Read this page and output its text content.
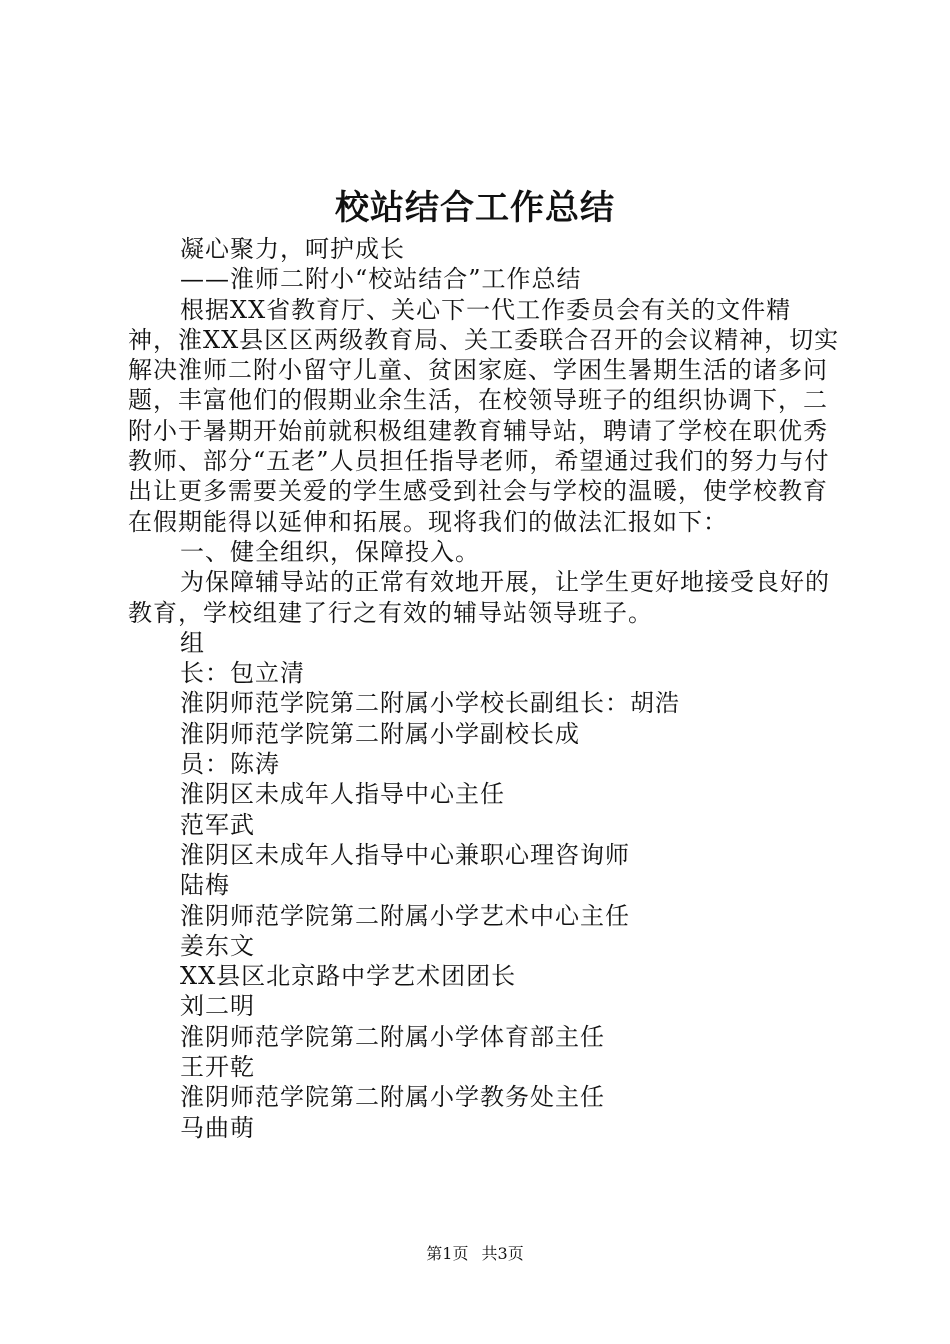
校站结合工作总结

凝心聚力，呵护成长

——淮师二附小“校站结合”工作总结

根据XX省教育厅、关心下一代工作委员会有关的文件精神，淮XX县区区两级教育局、关工委联合召开的会议精神，切实解决淮师二附小留守儿童、贫困家庭、学困生暑期生活的诸多问题，丰富他们的假期业余生活，在校领导班子的组织协调下，二附小于暑期开始前就积极组建教育辅导站，聘请了学校在职优秀教师、部分“五老”人员担任指导老师，希望通过我们的努力与付出让更多需要关爱的学生感受到社会与学校的温暖，使学校教育在假期能得以延伸和拓展。现将我们的做法汇报如下：

一、健全组织，保障投入。

为保障辅导站的正常有效地开展，让学生更好地接受良好的教育，学校组建了行之有效的辅导站领导班子。

组

长：包立清

淮阴师范学院第二附属小学校长副组长：胡浩

淮阴师范学院第二附属小学副校长成

员：陈涛

淮阴区未成年人指导中心主任

范军武

淮阴区未成年人指导中心兼职心理咨询师

陆梅

淮阴师范学院第二附属小学艺术中心主任

姜东文

XX县区北京路中学艺术团团长

刘二明

淮阴师范学院第二附属小学体育部主任

王开乾

淮阴师范学院第二附属小学教务处主任

马曲萌

第1页 共3页
